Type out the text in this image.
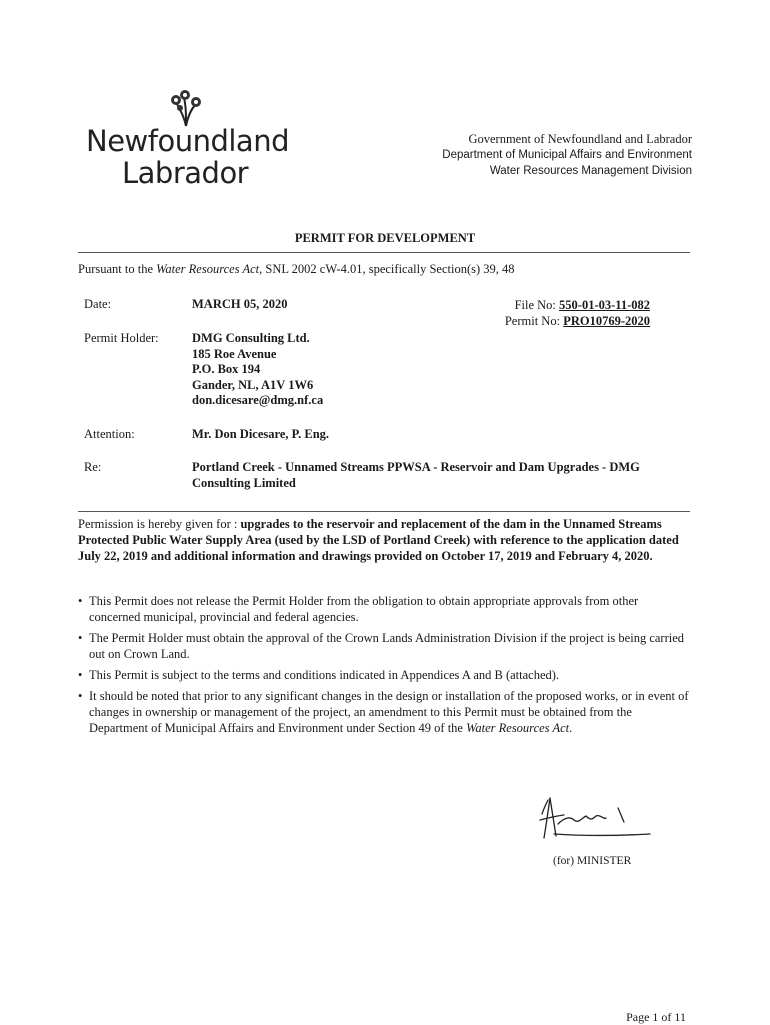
Newfoundland
Labrador
Government of Newfoundland and Labrador
Department of Municipal Affairs and Environment
Water Resources Management Division
PERMIT FOR DEVELOPMENT
Pursuant to the Water Resources Act, SNL 2002 cW-4.01, specifically Section(s) 39, 48
Date:	MARCH 05, 2020	File No: 550-01-03-11-082
Permit No: PRO10769-2020
Permit Holder:	DMG Consulting Ltd.
185 Roe Avenue
P.O. Box 194
Gander, NL, A1V 1W6
don.dicesare@dmg.nf.ca
Attention:	Mr. Don Dicesare, P. Eng.
Re:	Portland Creek - Unnamed Streams PPWSA - Reservoir and Dam Upgrades - DMG
Consulting Limited
Permission is hereby given for : upgrades to the reservoir and replacement of the dam in the Unnamed Streams Protected Public Water Supply Area (used by the LSD of Portland Creek) with reference to the application dated July 22, 2019 and additional information and drawings provided on October 17, 2019 and February 4, 2020.
• This Permit does not release the Permit Holder from the obligation to obtain appropriate approvals from other concerned municipal, provincial and federal agencies.
• The Permit Holder must obtain the approval of the Crown Lands Administration Division if the project is being carried out on Crown Land.
• This Permit is subject to the terms and conditions indicated in Appendices A and B (attached).
• It should be noted that prior to any significant changes in the design or installation of the proposed works, or in event of changes in ownership or management of the project, an amendment to this Permit must be obtained from the Department of Municipal Affairs and Environment under Section 49 of the Water Resources Act.
(for) MINISTER
Page 1 of 11
